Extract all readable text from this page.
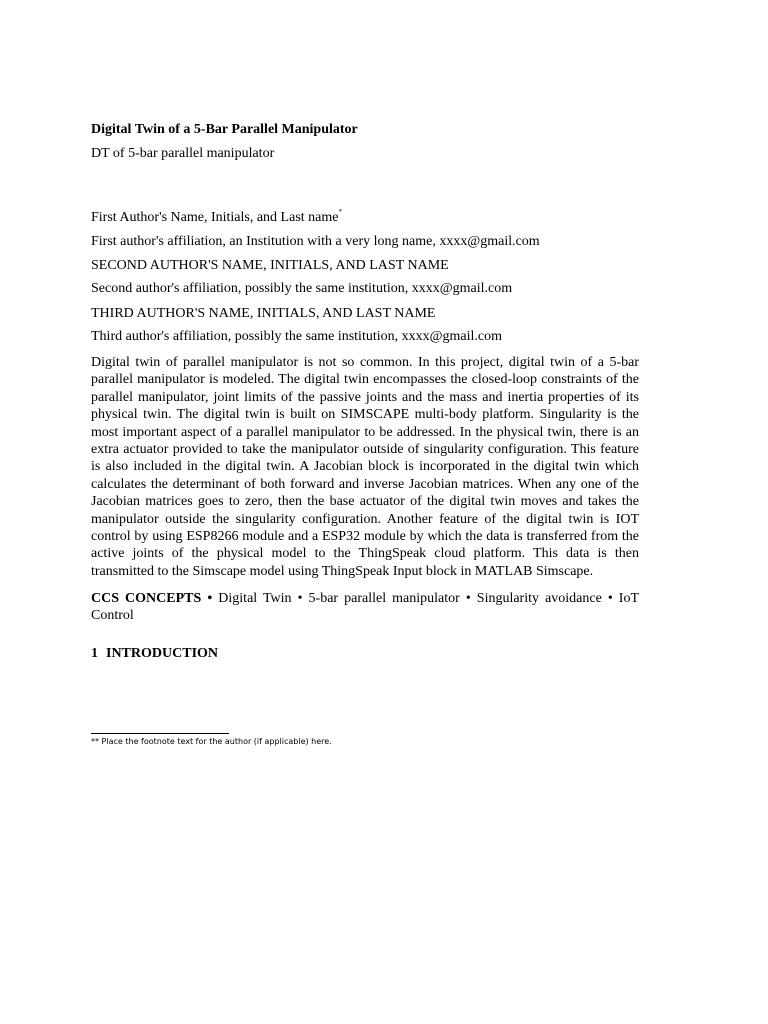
Digital Twin of a 5-Bar Parallel Manipulator

DT of 5-bar parallel manipulator

First Author's Name, Initials, and Last name*

First author's affiliation, an Institution with a very long name, xxxx@gmail.com

SECOND AUTHOR'S NAME, INITIALS, AND LAST NAME

Second author's affiliation, possibly the same institution, xxxx@gmail.com

THIRD AUTHOR'S NAME, INITIALS, AND LAST NAME

Third author's affiliation, possibly the same institution, xxxx@gmail.com

Digital twin of parallel manipulator is not so common. In this project, digital twin of a 5-bar parallel manipulator is modeled. The digital twin encompasses the closed-loop constraints of the parallel manipulator, joint limits of the passive joints and the mass and inertia properties of its physical twin. The digital twin is built on SIMSCAPE multi-body platform. Singularity is the most important aspect of a parallel manipulator to be addressed. In the physical twin, there is an extra actuator provided to take the manipulator outside of singularity configuration. This feature is also included in the digital twin. A Jacobian block is incorporated in the digital twin which calculates the determinant of both forward and inverse Jacobian matrices. When any one of the Jacobian matrices goes to zero, then the base actuator of the digital twin moves and takes the manipulator outside the singularity configuration. Another feature of the digital twin is IOT control by using ESP8266 module and a ESP32 module by which the data is transferred from the active joints of the physical model to the ThingSpeak cloud platform. This data is then transmitted to the Simscape model using ThingSpeak Input block in MATLAB Simscape.

CCS CONCEPTS • Digital Twin • 5-bar parallel manipulator • Singularity avoidance • IoT Control

1 INTRODUCTION

** Place the footnote text for the author (if applicable) here.
